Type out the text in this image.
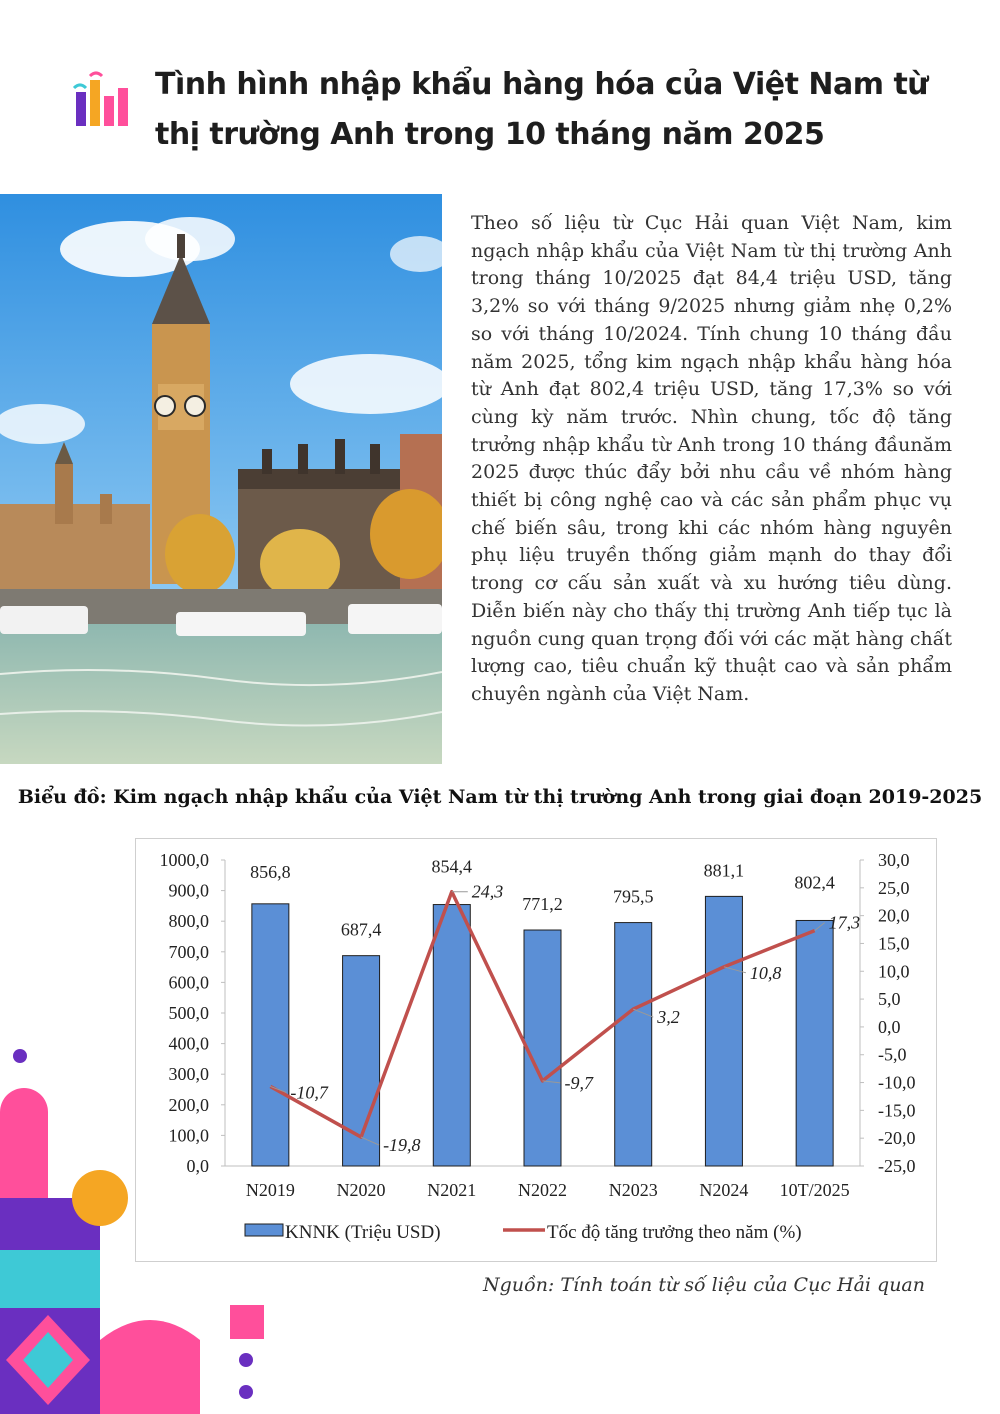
Tình hình nhập khẩu hàng hóa của Việt Nam từ thị trường Anh trong 10 tháng năm 2025

Theo số liệu từ Cục Hải quan Việt Nam, kim ngạch nhập khẩu của Việt Nam từ thị trường Anh trong tháng 10/2025 đạt 84,4 triệu USD, tăng 3,2% so với tháng 9/2025 nhưng giảm nhẹ 0,2% so với tháng 10/2024. Tính chung 10 tháng đầu năm 2025, tổng kim ngạch nhập khẩu hàng hóa từ Anh đạt 802,4 triệu USD, tăng 17,3% so với cùng kỳ năm trước. Nhìn chung, tốc độ tăng trưởng nhập khẩu từ Anh trong 10 tháng đầunăm 2025 được thúc đẩy bởi nhu cầu về nhóm hàng thiết bị công nghệ cao và các sản phẩm phục vụ chế biến sâu, trong khi các nhóm hàng nguyên phụ liệu truyền thống giảm mạnh do thay đổi trong cơ cấu sản xuất và xu hướng tiêu dùng. Diễn biến này cho thấy thị trường Anh tiếp tục là nguồn cung quan trọng đối với các mặt hàng chất lượng cao, tiêu chuẩn kỹ thuật cao và sản phẩm chuyên ngành của Việt Nam.

Biểu đồ: Kim ngạch nhập khẩu của Việt Nam từ thị trường Anh trong giai đoạn 2019-2025
0,0
100,0
200,0
300,0
400,0
500,0
600,0
700,0
800,0
900,0
1000,0
-25,0
-20,0
-15,0
-10,0
-5,0
0,0
5,0
10,0
15,0
20,0
25,0
30,0
N2019 N2020 N2021 N2022 N2023 N2024 10T/2025
856,8
687,4
854,4
771,2	795,5
881,1
802,4
-10,7
-19,8
24,3
-9,7
3,2
10,8
17,3
KNNK (Triệu USD)	Tốc độ tăng trưởng theo năm (%)

Nguồn: Tính toán từ số liệu của Cục Hải quan
